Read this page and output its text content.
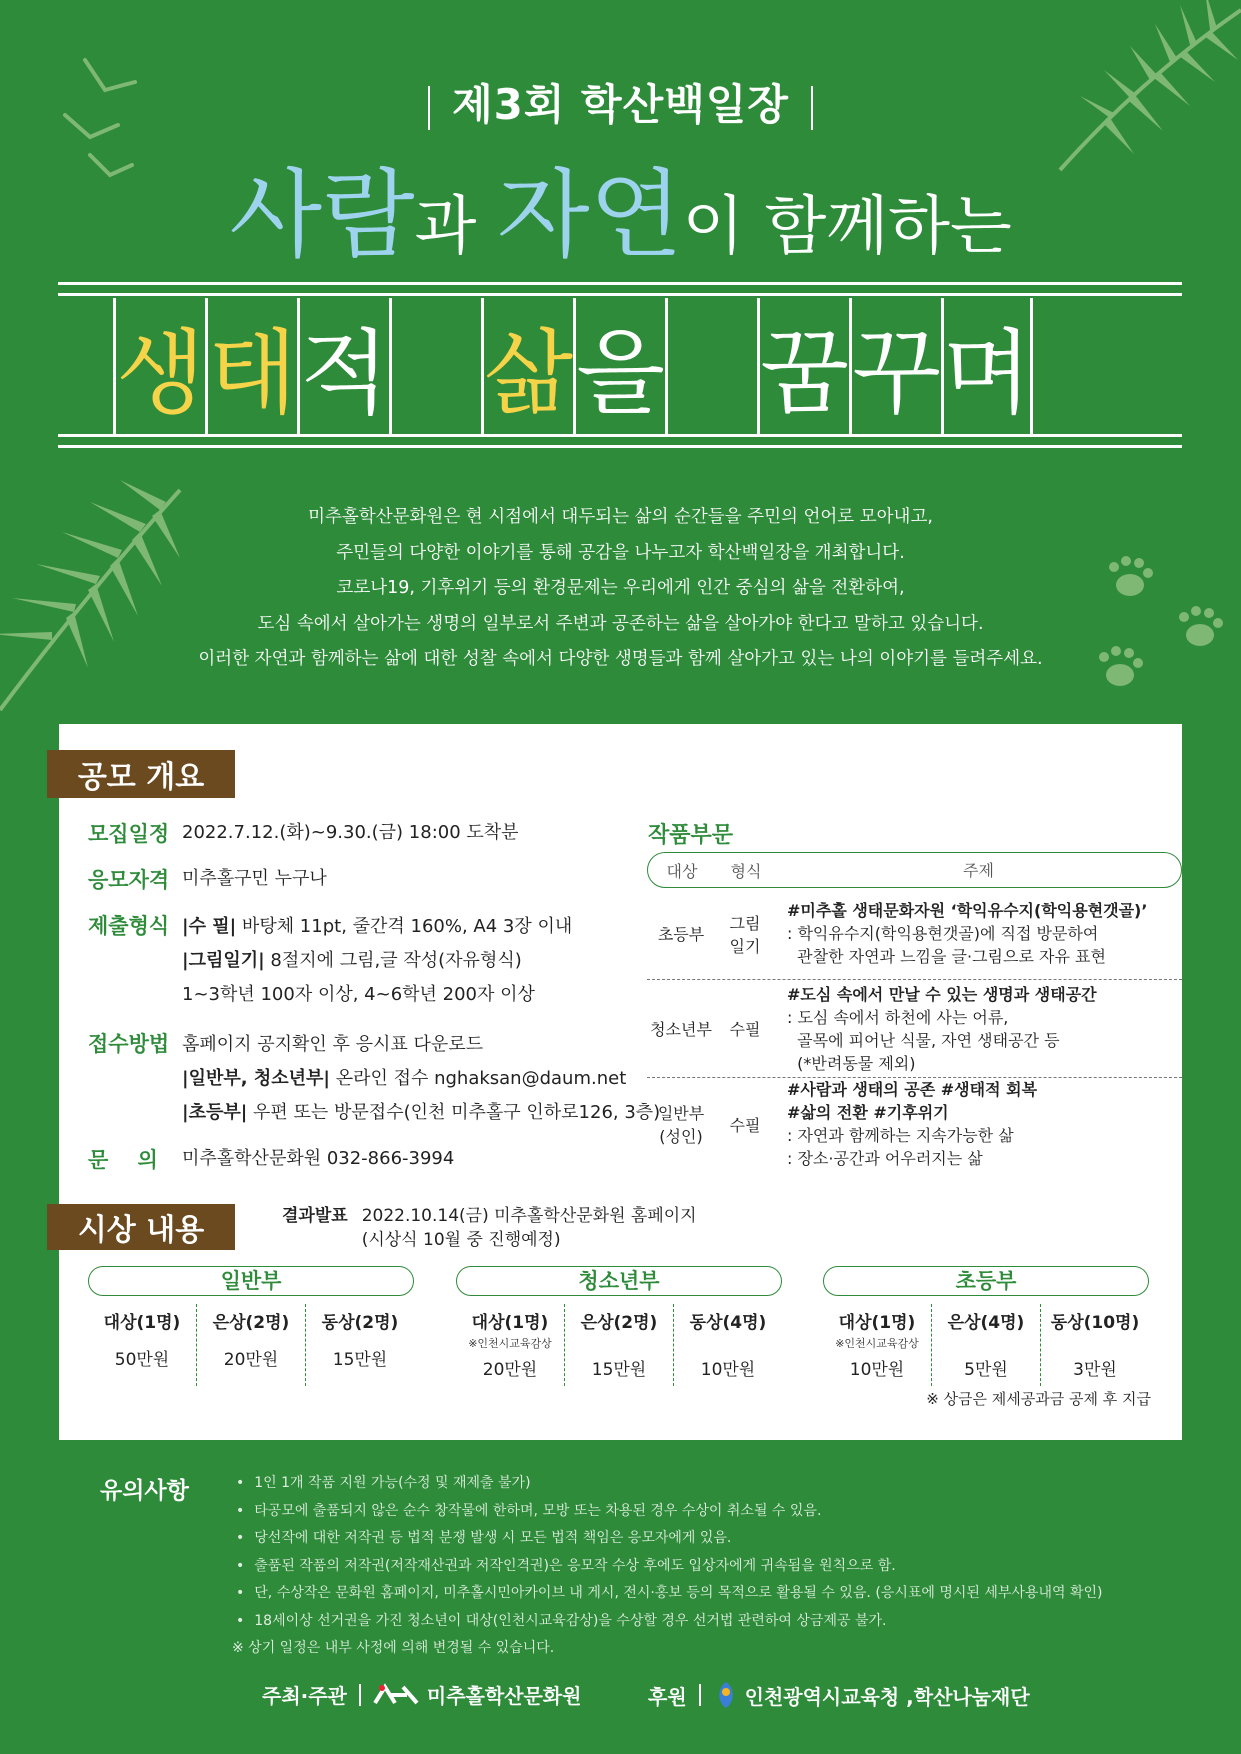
제3회 학산백일장
사람과 자연이 함께하는
생 태 적 삶 을 꿈 꾸 며
미추홀학산문화원은 현 시점에서 대두되는 삶의 순간들을 주민의 언어로 모아내고,
주민들의 다양한 이야기를 통해 공감을 나누고자 학산백일장을 개최합니다.
코로나19, 기후위기 등의 환경문제는 우리에게 인간 중심의 삶을 전환하여,
도심 속에서 살아가는 생명의 일부로서 주변과 공존하는 삶을 살아가야 한다고 말하고 있습니다.
이러한 자연과 함께하는 삶에 대한 성찰 속에서 다양한 생명들과 함께 살아가고 있는 나의 이야기를 들려주세요.
공모 개요
모집일정 2022.7.12.(화)~9.30.(금) 18:00 도착분
응모자격 미추홀구민 누구나
제출형식 |수 필| 바탕체 11pt, 줄간격 160%, A4 3장 이내
|그림일기| 8절지에 그림,글 작성(자유형식)
1~3학년 100자 이상, 4~6학년 200자 이상
접수방법 홈페이지 공지확인 후 응시표 다운로드
|일반부, 청소년부| 온라인 접수 nghaksan@daum.net
|초등부| 우편 또는 방문접수(인천 미추홀구 인하로126, 3층)
문    의	미추홀학산문화원 032-866-3994
작품부문
대상	형식	주제
초등부
그림
일기
#미추홀 생태문화자원 ‘학익유수지(학익용현갯골)’
: 학익유수지(학익용현갯골)에 직접 방문하여
관찰한 자연과 느낌을 글·그림으로 자유 표현
청소년부	수필
#도심 속에서 만날 수 있는 생명과 생태공간
: 도심 속에서 하천에 사는 어류,
골목에 피어난 식물, 자연 생태공간 등
(*반려동물 제외)
일반부
(성인)
수필
#사람과 생태의 공존 #생태적 회복
#삶의 전환 #기후위기
: 자연과 함께하는 지속가능한 삶
: 장소·공간과 어우러지는 삶
시상 내용	결과발표 2022.10.14(금) 미추홀학산문화원 홈페이지
(시상식 10월 중 진행예정)
일반부
대상(1명)
50만원
은상(2명)
20만원
동상(2명)
15만원
청소년부
대상(1명)
※인천시교육감상
20만원
은상(2명)
15만원
동상(4명)
10만원
초등부
대상(1명)
※인천시교육감상
10만원
은상(4명)
5만원
동상(10명)
3만원
※ 상금은 제세공과금 공제 후 지급
유의사항
•	1인 1개 작품 지원 가능(수정 및 재제출 불가)
• 타공모에 출품되지 않은 순수 창작물에 한하며, 모방 또는 차용된 경우 수상이 취소될 수 있음.
• 당선작에 대한 저작권 등 법적 분쟁 발생 시 모든 법적 책임은 응모자에게 있음.
• 출품된 작품의 저작권(저작재산권과 저작인격권)은 응모작 수상 후에도 입상자에게 귀속됨을 원칙으로 함.
• 단, 수상작은 문화원 홈페이지, 미추홀시민아카이브 내 게시, 전시·홍보 등의 목적으로 활용될 수 있음. (응시표에 명시된 세부사용내역 확인)
• 18세이상 선거권을 가진 청소년이 대상(인천시교육감상)을 수상할 경우 선거법 관련하여 상금제공 불가.
※ 상기 일정은 내부 사정에 의해 변경될 수 있습니다.
주최·주관	미추홀학산문화원	후원	인천광역시교육청 ,학산나눔재단
